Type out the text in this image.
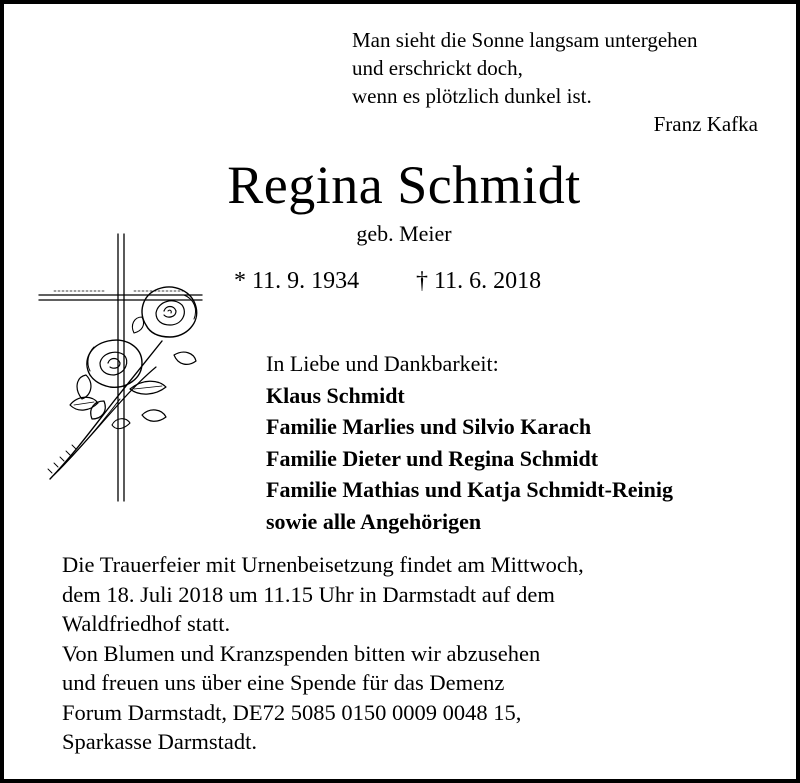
Man sieht die Sonne langsam untergehen
und erschrickt doch,
wenn es plötzlich dunkel ist.
Franz Kafka
Regina Schmidt
geb. Meier
* 11. 9. 1934 † 11. 6. 2018
In Liebe und Dankbarkeit:
Klaus Schmidt
Familie Marlies und Silvio Karach
Familie Dieter und Regina Schmidt
Familie Mathias und Katja Schmidt-Reinig
sowie alle Angehörigen
Die Trauerfeier mit Urnenbeisetzung findet am Mittwoch,
dem 18. Juli 2018 um 11.15 Uhr in Darmstadt auf dem
Waldfriedhof statt.
Von Blumen und Kranzspenden bitten wir abzusehen
und freuen uns über eine Spende für das Demenz
Forum Darmstadt, DE72 5085 0150 0009 0048 15,
Sparkasse Darmstadt.
